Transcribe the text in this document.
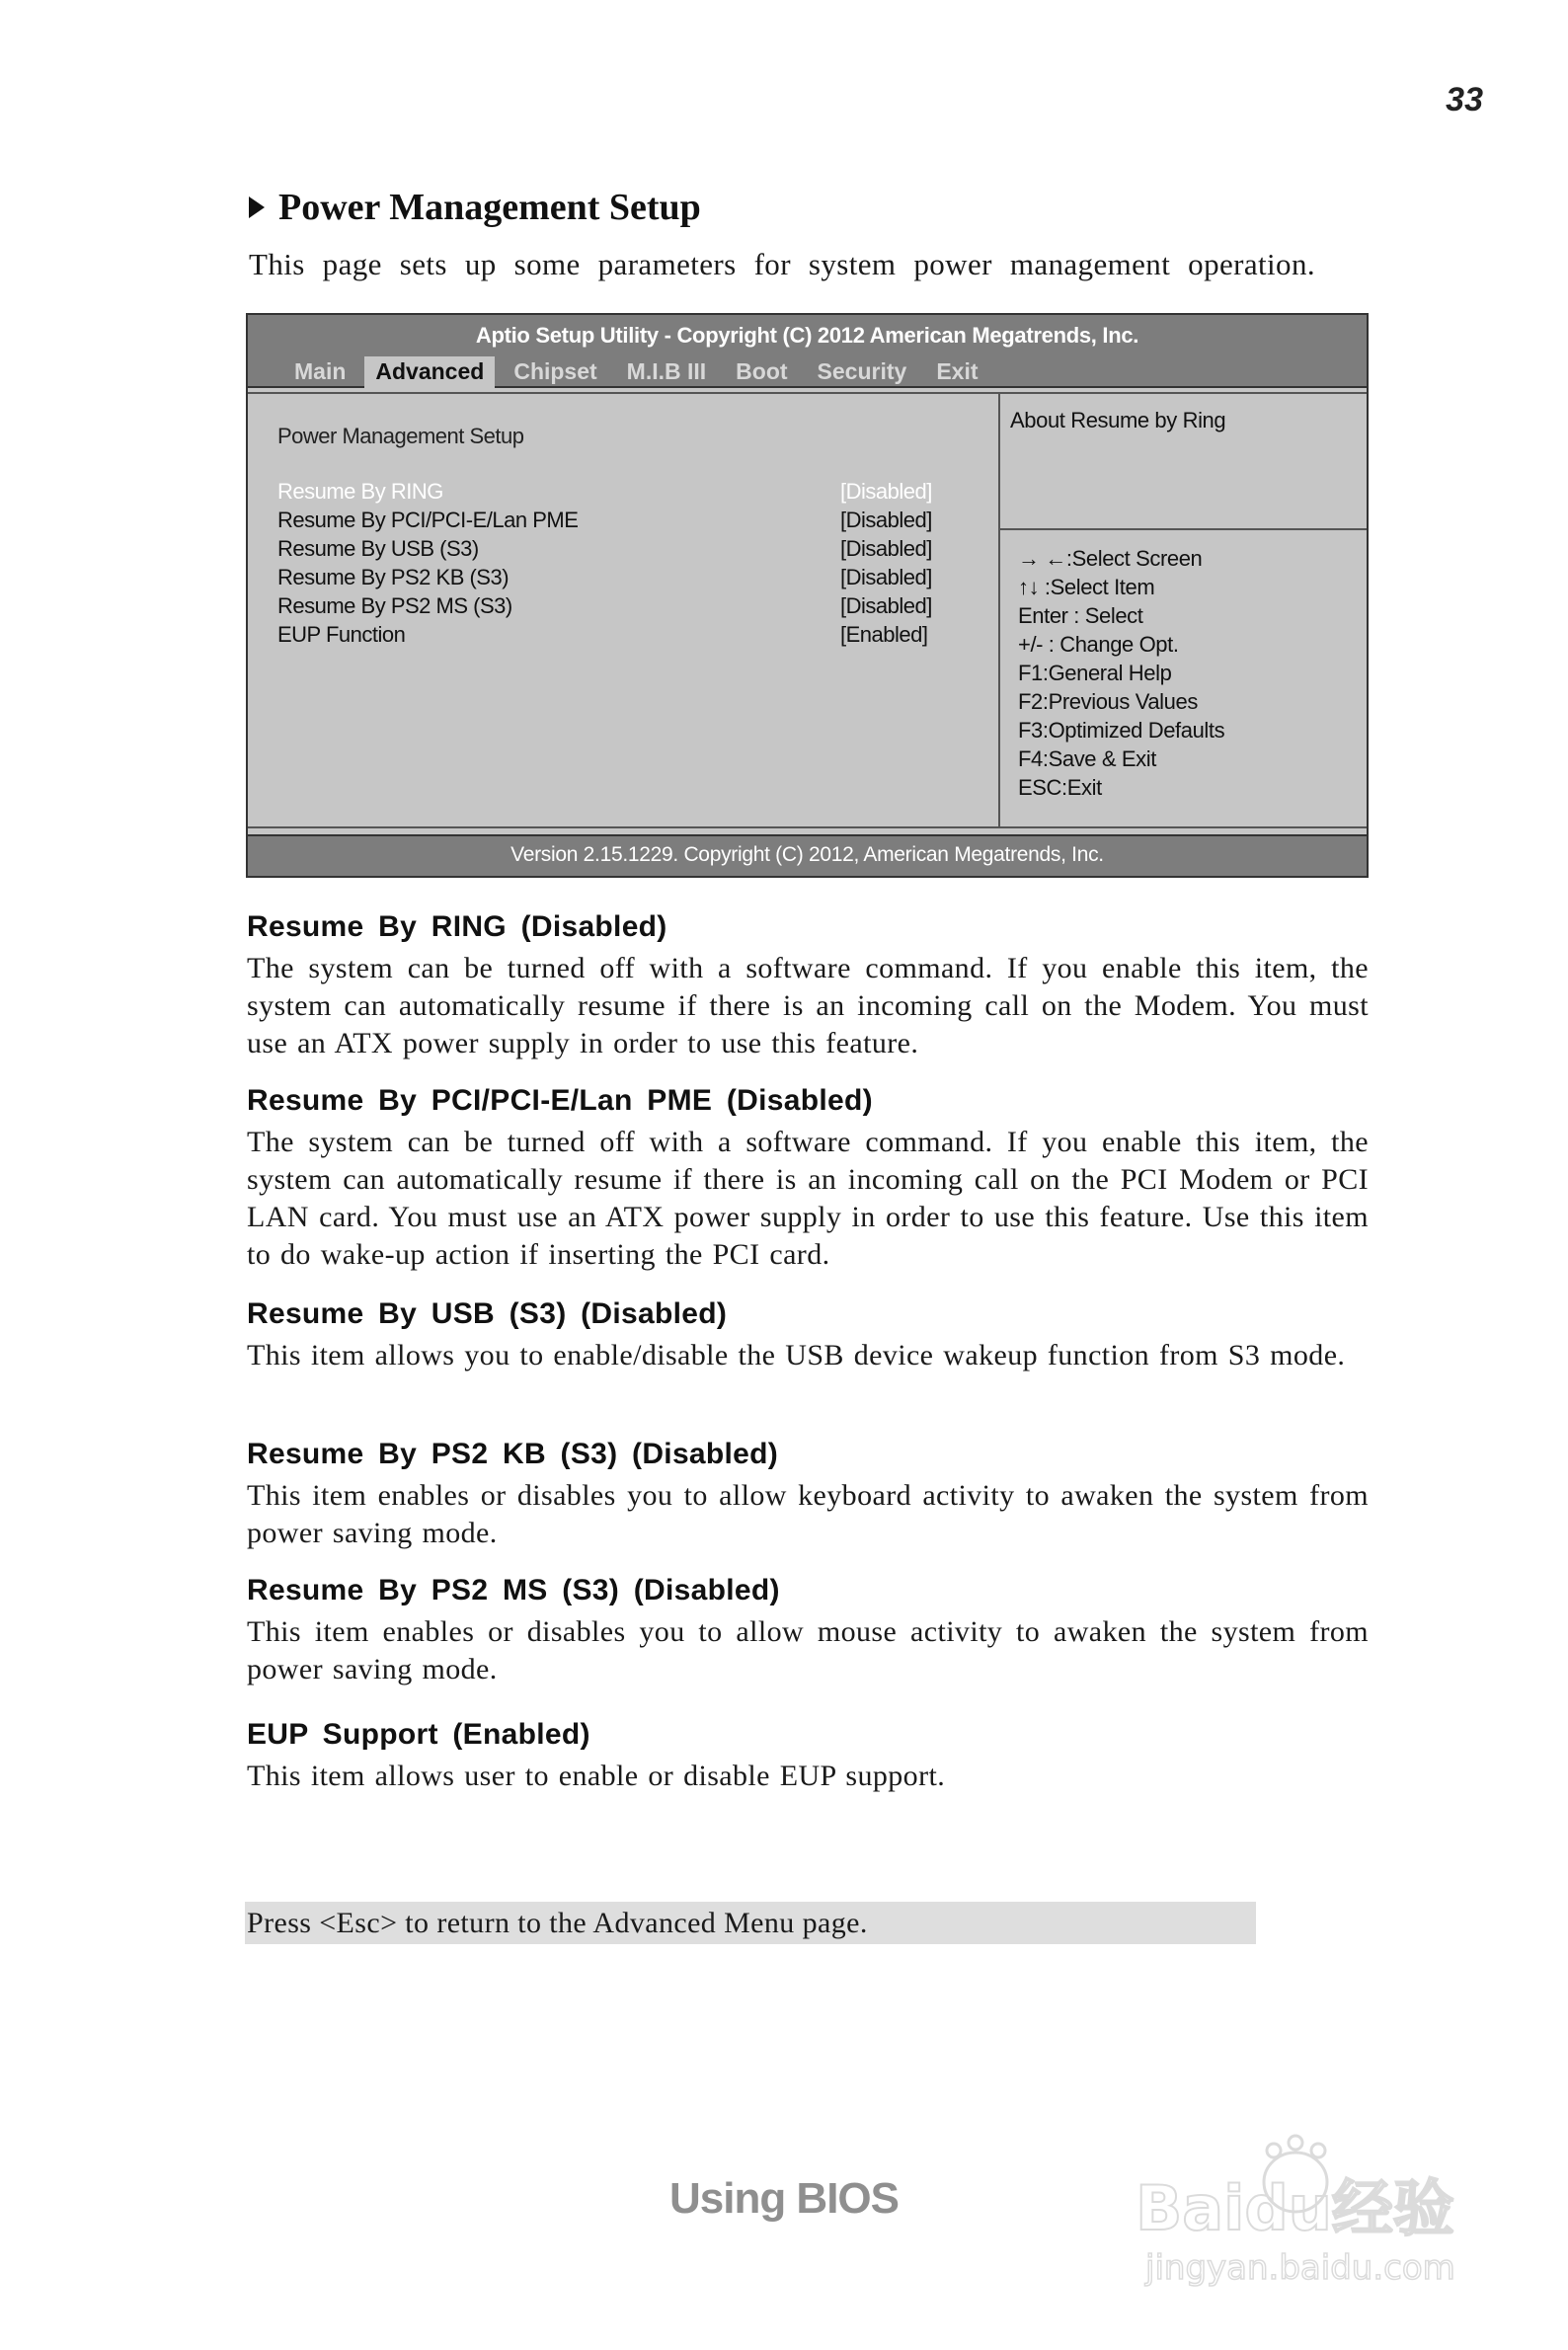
33
Power Management Setup
This page sets up some parameters for system power management operation.
Aptio Setup Utility - Copyright (C) 2012 American Megatrends, Inc.
Main	Advanced	Chipset	M.I.B III	Boot	Security	Exit
Power Management Setup
Resume By RING	[Disabled]
Resume By PCI/PCI-E/Lan PME	[Disabled]
Resume By USB (S3)	[Disabled]
Resume By PS2 KB (S3)	[Disabled]
Resume By PS2 MS (S3)	[Disabled]
EUP Function	[Enabled]
About Resume by Ring
→ ←:Select Screen
↑↓ :Select Item
Enter : Select
+/- : Change Opt.
F1:General Help
F2:Previous Values
F3:Optimized Defaults
F4:Save & Exit
ESC:Exit
Version 2.15.1229. Copyright (C) 2012, American Megatrends, Inc.
Resume By RING (Disabled)
The system can be turned off with a software command. If you enable this item, the system can automatically resume if there is an incoming call on the Modem. You must use an ATX power supply in order to use this feature.
Resume By PCI/PCI-E/Lan PME (Disabled)
The system can be turned off with a software command. If you enable this item, the system can automatically resume if there is an incoming call on the PCI Modem or PCI LAN card. You must use an ATX power supply in order to use this feature. Use this item to do wake-up action if inserting the PCI card.
Resume By USB (S3) (Disabled)
This item allows you to enable/disable the USB device wakeup function from S3 mode.
Resume By PS2 KB (S3) (Disabled)
This item enables or disables you to allow keyboard activity to awaken the system from power saving mode.
Resume By PS2 MS (S3) (Disabled)
This item enables or disables you to allow mouse activity to awaken the system from power saving mode.
EUP Support (Enabled)
This item allows user to enable or disable EUP support.
Press <Esc> to return to the Advanced Menu page.
Using BIOS	Baidu经验
jingyan.baidu.com
